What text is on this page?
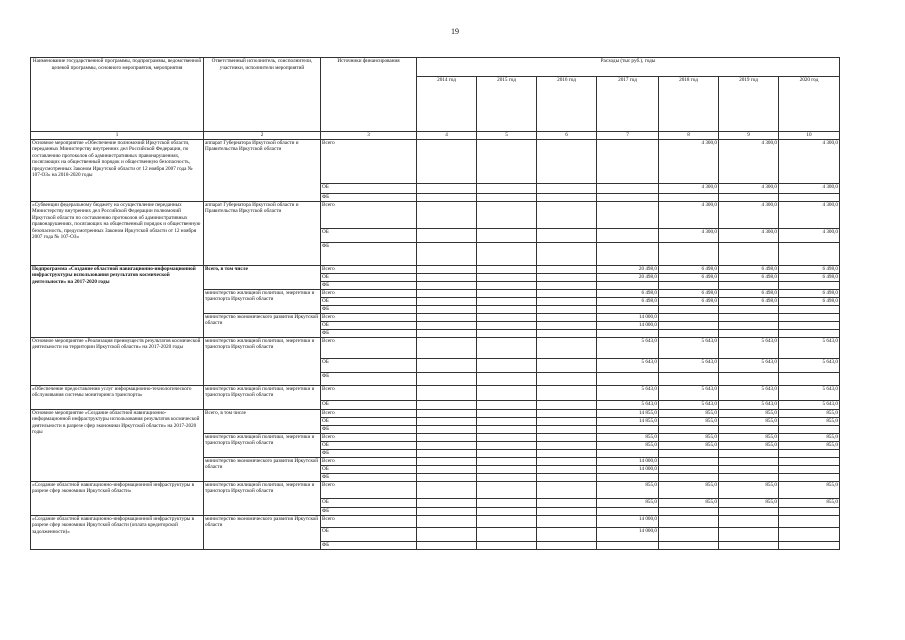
19
Наименование государственной программы, подпрограммы, ведомственной целевой программы, основного мероприятия, мероприятия	Ответственный исполнитель, соисполнители, участники, исполнители мероприятий	Источники финансирования	Расходы (тыс руб.), годы						
			2014 год	2015 год	2016 год	2017 год	2018 год	2019 год	2020 год
1	2	3	4	5	6	7	8	9	10
Основное мероприятие «Обеспечение полномочий Иркутской области, переданных Министерству внутренних дел Российской Федерации, по составлению протоколов об административных правонарушениях, посягающих на общественный порядок и общественную безопасность, предусмотренных Законом Иркутской области от 12 ноября 2007 года № 107-ОЗ» на 2018-2020 годы	аппарат Губернатора Иркутской области и Правительства Иркутской области	Всего					4 300,0	4 300,0	4 300,0
		ОБ					4 300,0	4 300,0	4 300,0
		ФБ							
«Субвенции федеральному бюджету на осуществление переданных Министерству внутренних дел Российской Федерации полномочий Иркутской области по составлению протоколов об административных правонарушениях, посягающих на общественный порядок и общественную безопасность, предусмотренных Законом Иркутской области от 12 ноября 2007 года № 107-ОЗ»	аппарат Губернатора Иркутской области и Правительства Иркутской области	Всего					4 300,0	4 300,0	4 300,0
		ОБ					4 300,0	4 300,0	4 300,0
		ФБ							
Подпрограмма «Создание областной навигационно-информационной инфраструктуры использования результатов космической деятельности» на 2017-2020 годы	Всего, в том числе	Всего				20 498,0	6 498,0	6 498,0	6 498,0
		ОБ				20 498,0	6 498,0	6 498,0	6 498,0
		ФБ							
	министерство жилищной политики, энергетики и транспорта Иркутской области	Всего				6 498,0	6 498,0	6 498,0	6 498,0
		ОБ				6 498,0	6 498,0	6 498,0	6 498,0
		ФБ							
	министерство экономического развития Иркутской области	Всего				14 000,0			
		ОБ				14 000,0			
		ФБ							
Основное мероприятие «Реализация преимуществ результатов космической деятельности на территории Иркутской области» на 2017-2020 годы	министерство жилищной политики, энергетики и транспорта Иркутской области	Всего				5 643,0	5 643,0	5 643,0	5 643,0
		ОБ				5 643,0	5 643,0	5 643,0	5 643,0
		ФБ							
«Обеспечение предоставления услуг информационно-технологического обслуживания системы мониторинга транспорта»	министерство жилищной политики, энергетики и транспорта Иркутской области	Всего				5 643,0	5 643,0	5 643,0	5 643,0
		ОБ				5 643,0	5 643,0	5 643,0	5 643,0
Основное мероприятие «Создание областной навигационно-информационной инфраструктуры использования результатов космической деятельности в разрезе сфер экономики Иркутской области» на 2017-2020 годы	Всего, в том числе	Всего				14 855,0	855,0	855,0	855,0
		ОБ				14 855,0	855,0	855,0	855,0
		ФБ							
	министерство жилищной политики, энергетики и транспорта Иркутской области	Всего				855,0	855,0	855,0	855,0
		ОБ				855,0	855,0	855,0	855,0
		ФБ							
	министерство экономического развития Иркутской области	Всего				14 000,0			
		ОБ				14 000,0			
		ФБ							
«Создание областной навигационно-информационной инфраструктуры в разрезе сфер экономики Иркутской области»	министерство жилищной политики, энергетики и транспорта Иркутской области	Всего				855,0	855,0	855,0	855,0
		ОБ				855,0	855,0	855,0	855,0
		ФБ							
«Создание областной навигационно-информационной инфраструктуры в разрезе сфер экономики Иркутской области (оплата кредиторской задолженности)»	министерство экономического развития Иркутской области	Всего				14 000,0			
		ОБ				14 000,0			
		ФБ							
